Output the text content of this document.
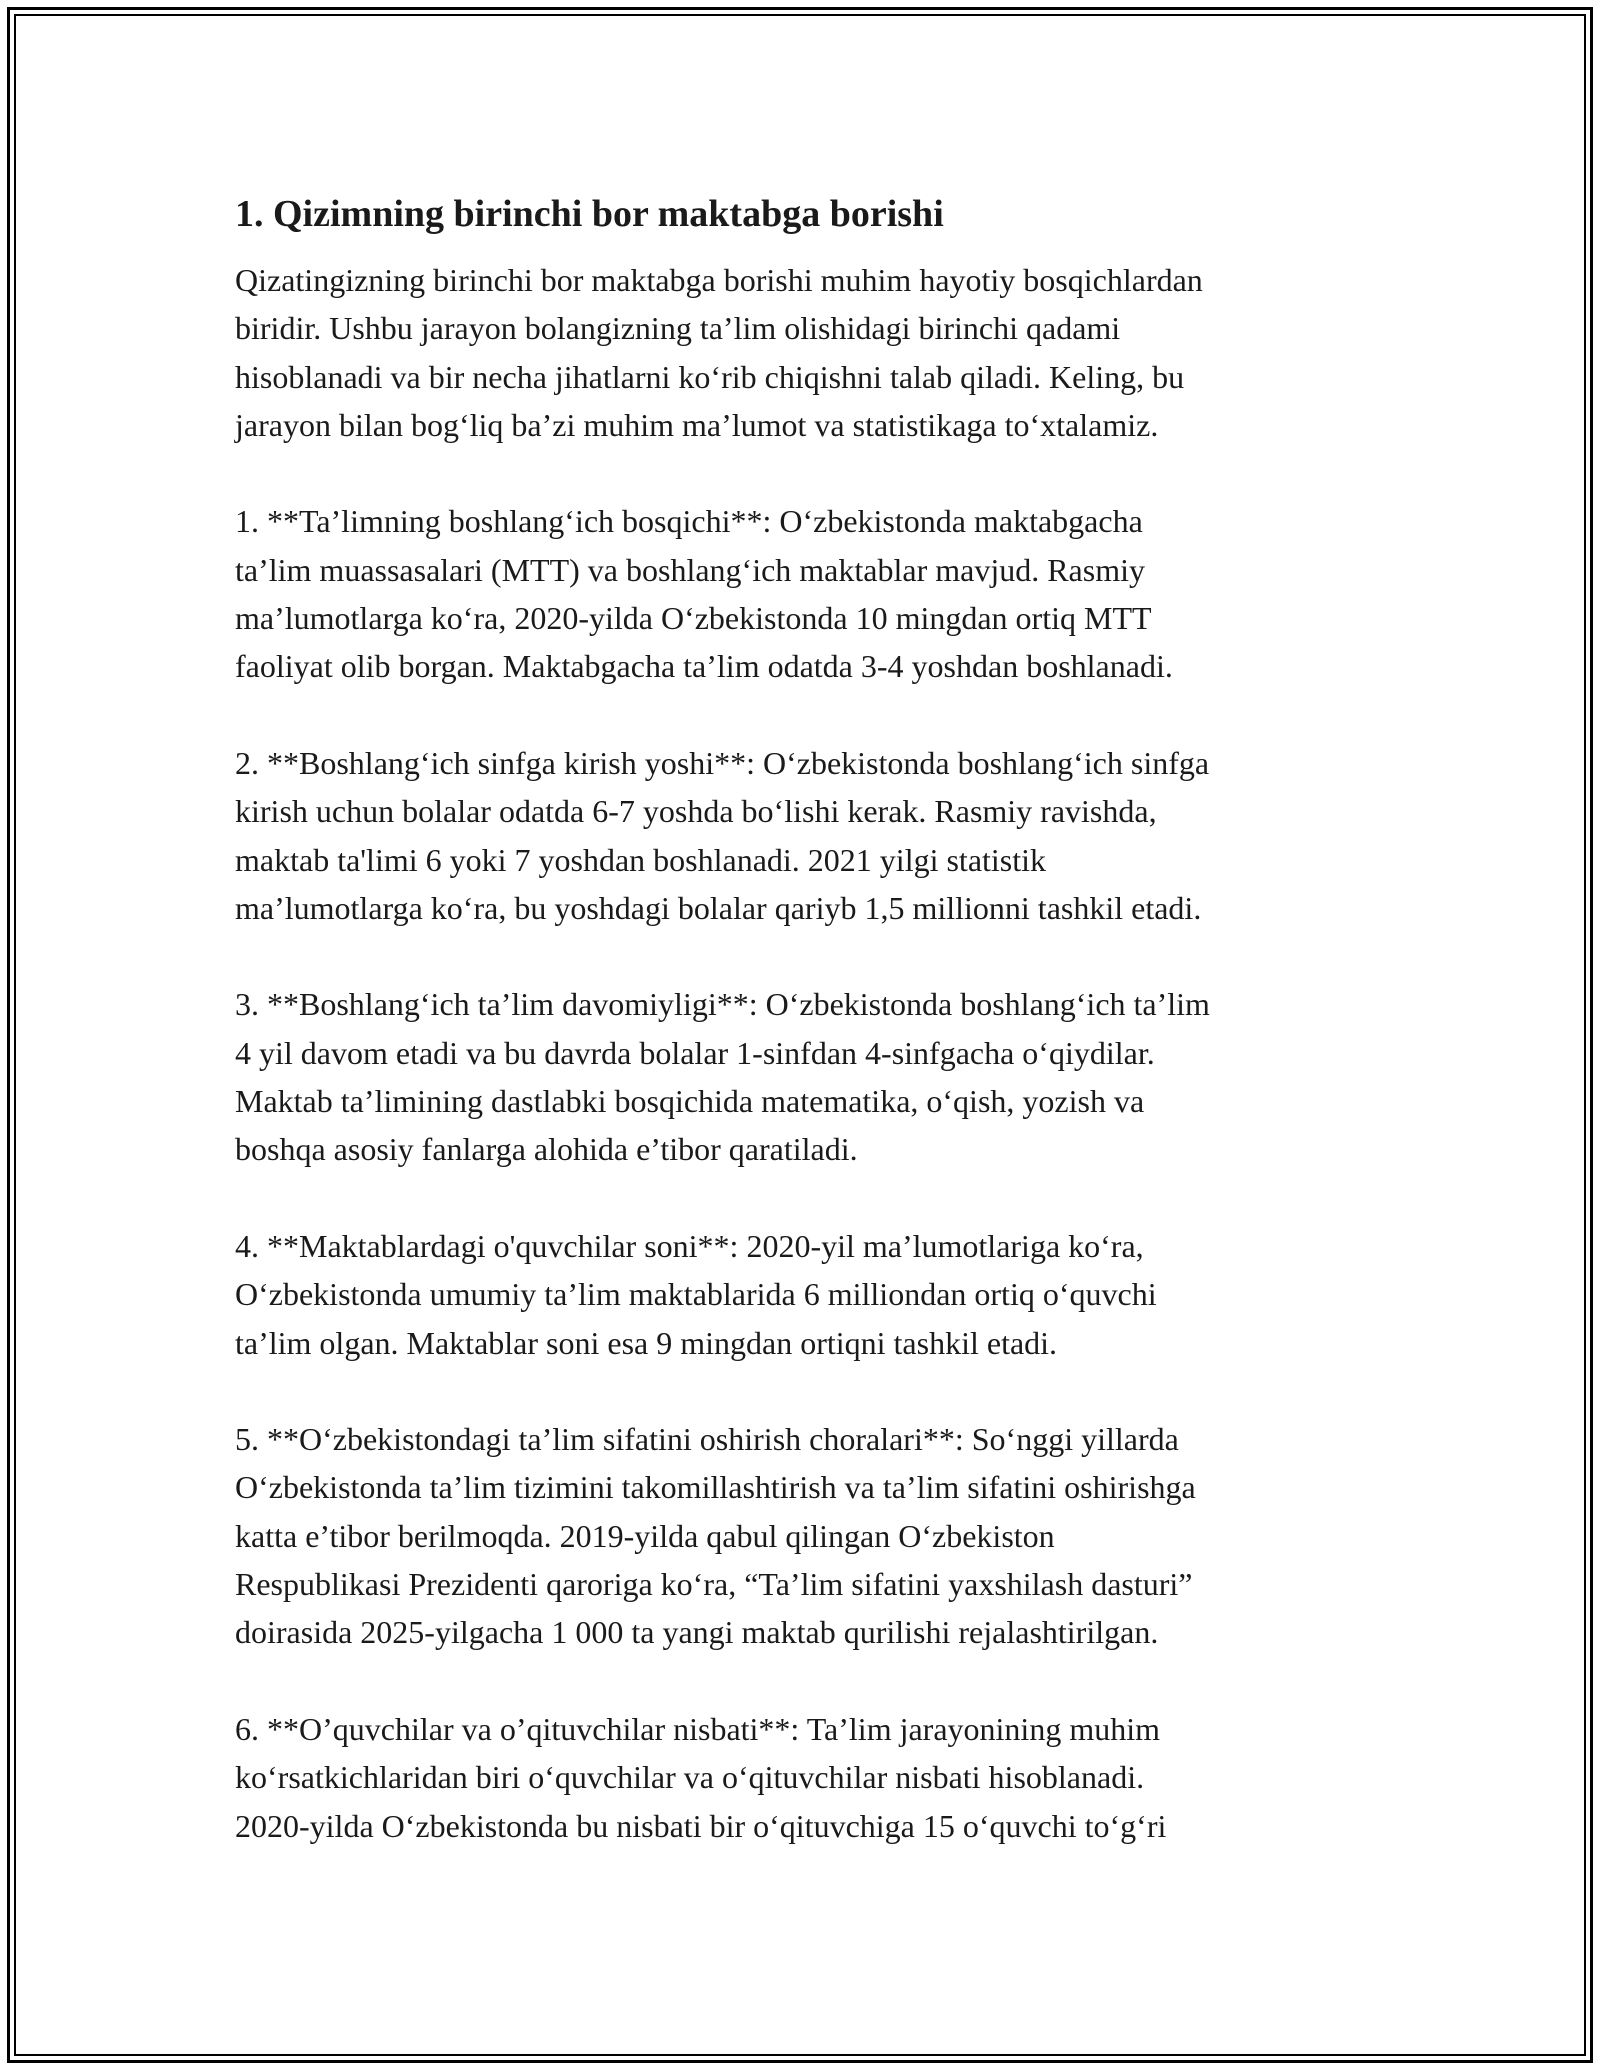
1. Qizimning birinchi bor maktabga borishi

Qizatingizning birinchi bor maktabga borishi muhim hayotiy bosqichlardan
biridir. Ushbu jarayon bolangizning ta’lim olishidagi birinchi qadami
hisoblanadi va bir necha jihatlarni ko‘rib chiqishni talab qiladi. Keling, bu
jarayon bilan bog‘liq ba’zi muhim ma’lumot va statistikaga to‘xtalamiz.

1. **Ta’limning boshlang‘ich bosqichi**: O‘zbekistonda maktabgacha
ta’lim muassasalari (MTT) va boshlang‘ich maktablar mavjud. Rasmiy
ma’lumotlarga ko‘ra, 2020-yilda O‘zbekistonda 10 mingdan ortiq MTT
faoliyat olib borgan. Maktabgacha ta’lim odatda 3-4 yoshdan boshlanadi.

2. **Boshlang‘ich sinfga kirish yoshi**: O‘zbekistonda boshlang‘ich sinfga
kirish uchun bolalar odatda 6-7 yoshda bo‘lishi kerak. Rasmiy ravishda,
maktab ta'limi 6 yoki 7 yoshdan boshlanadi. 2021 yilgi statistik
ma’lumotlarga ko‘ra, bu yoshdagi bolalar qariyb 1,5 millionni tashkil etadi.

3. **Boshlang‘ich ta’lim davomiyligi**: O‘zbekistonda boshlang‘ich ta’lim
4 yil davom etadi va bu davrda bolalar 1-sinfdan 4-sinfgacha o‘qiydilar.
Maktab ta’limining dastlabki bosqichida matematika, o‘qish, yozish va
boshqa asosiy fanlarga alohida e’tibor qaratiladi.

4. **Maktablardagi o'quvchilar soni**: 2020-yil ma’lumotlariga ko‘ra,
O‘zbekistonda umumiy ta’lim maktablarida 6 milliondan ortiq o‘quvchi
ta’lim olgan. Maktablar soni esa 9 mingdan ortiqni tashkil etadi.

5. **O‘zbekistondagi ta’lim sifatini oshirish choralari**: So‘nggi yillarda
O‘zbekistonda ta’lim tizimini takomillashtirish va ta’lim sifatini oshirishga
katta e’tibor berilmoqda. 2019-yilda qabul qilingan O‘zbekiston
Respublikasi Prezidenti qaroriga ko‘ra, “Ta’lim sifatini yaxshilash dasturi”
doirasida 2025-yilgacha 1 000 ta yangi maktab qurilishi rejalashtirilgan.

6. **O’quvchilar va o’qituvchilar nisbati**: Ta’lim jarayonining muhim
ko‘rsatkichlaridan biri o‘quvchilar va o‘qituvchilar nisbati hisoblanadi.
2020-yilda O‘zbekistonda bu nisbati bir o‘qituvchiga 15 o‘quvchi to‘g‘ri
